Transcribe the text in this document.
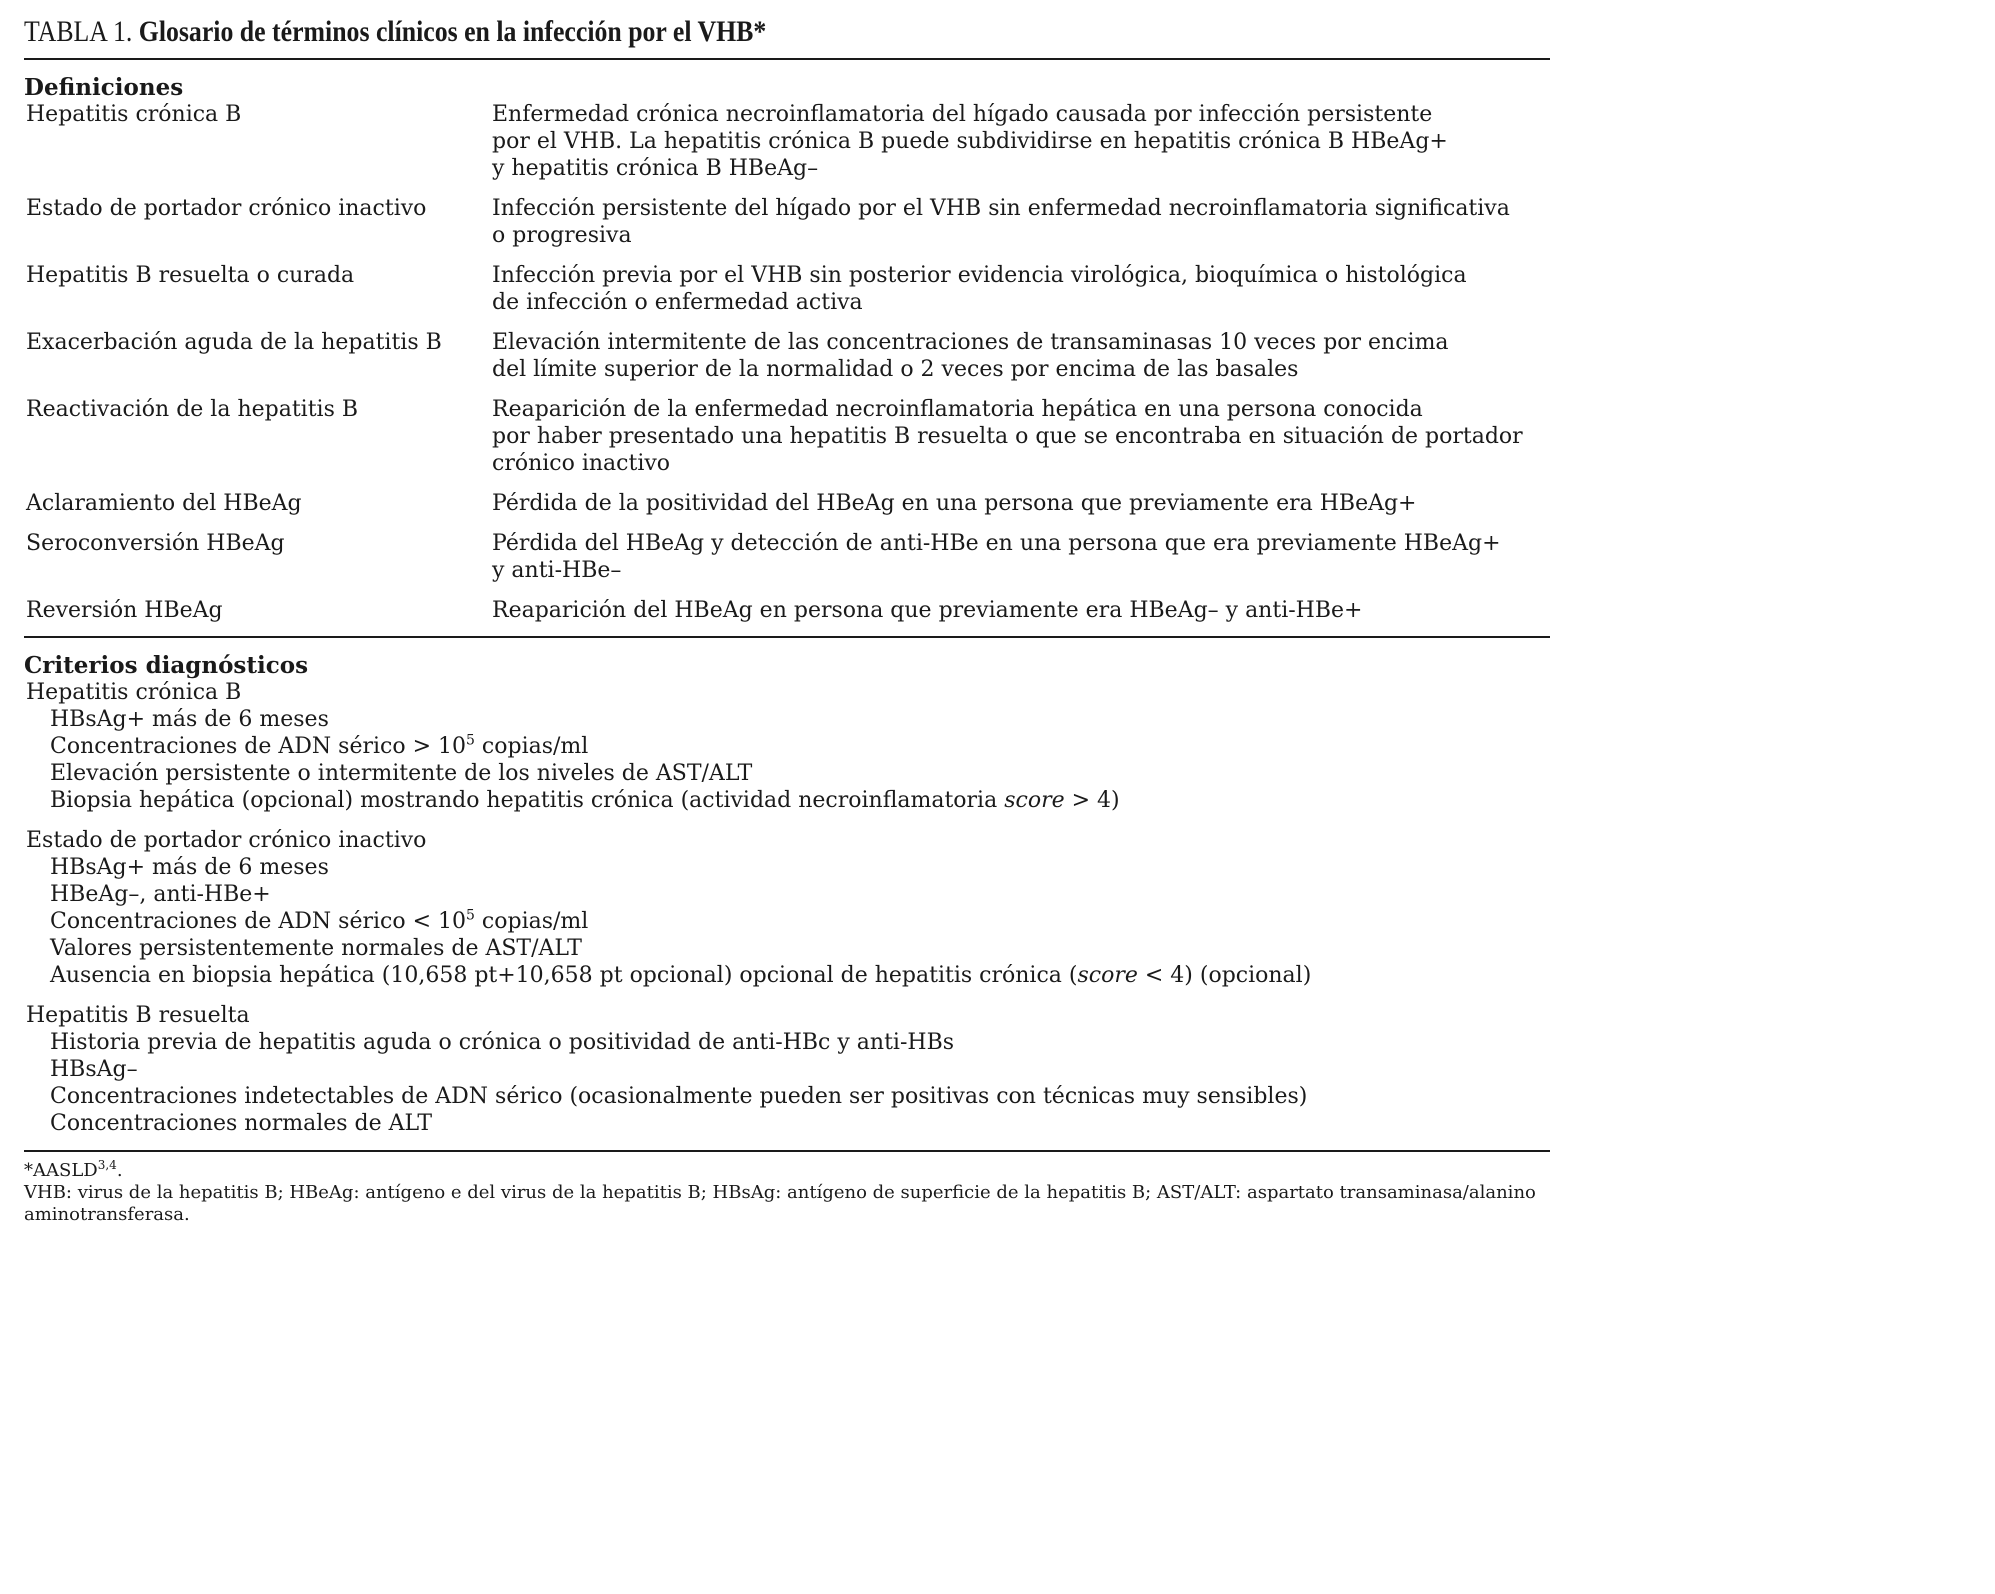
TABLA 1. Glosario de términos clínicos en la infección por el VHB*
Definiciones
Hepatitis crónica B	Enfermedad crónica necroinflamatoria del hígado causada por infección persistente
por el VHB. La hepatitis crónica B puede subdividirse en hepatitis crónica B HBeAg+
y hepatitis crónica B HBeAg–
Estado de portador crónico inactivo	Infección persistente del hígado por el VHB sin enfermedad necroinflamatoria significativa
o progresiva
Hepatitis B resuelta o curada	Infección previa por el VHB sin posterior evidencia virológica, bioquímica o histológica
de infección o enfermedad activa
Exacerbación aguda de la hepatitis B	Elevación intermitente de las concentraciones de transaminasas 10 veces por encima
del límite superior de la normalidad o 2 veces por encima de las basales
Reactivación de la hepatitis B	Reaparición de la enfermedad necroinflamatoria hepática en una persona conocida
por haber presentado una hepatitis B resuelta o que se encontraba en situación de portador
crónico inactivo
Aclaramiento del HBeAg	Pérdida de la positividad del HBeAg en una persona que previamente era HBeAg+
Seroconversión HBeAg	Pérdida del HBeAg y detección de anti-HBe en una persona que era previamente HBeAg+
y anti-HBe–
Reversión HBeAg	Reaparición del HBeAg en persona que previamente era HBeAg– y anti-HBe+
Criterios diagnósticos
Hepatitis crónica B
HBsAg+ más de 6 meses
Concentraciones de ADN sérico > $10^5$ copias/ml
Elevación persistente o intermitente de los niveles de AST/ALT
Biopsia hepática (opcional) mostrando hepatitis crónica (actividad necroinflamatoria score > 4)
Estado de portador crónico inactivo
HBsAg+ más de 6 meses
HBeAg–, anti-HBe+
Concentraciones de ADN sérico < $10^5$ copias/ml
Valores persistentemente normales de AST/ALT
Ausencia en biopsia hepática (10,658 pt+10,658 pt opcional) opcional de hepatitis crónica (score < 4) (opcional)
Hepatitis B resuelta
Historia previa de hepatitis aguda o crónica o positividad de anti-HBc y anti-HBs
HBsAg–
Concentraciones indetectables de ADN sérico (ocasionalmente pueden ser positivas con técnicas muy sensibles)
Concentraciones normales de ALT
*AASLD$^{3,4}$.
VHB: virus de la hepatitis B; HBeAg: antígeno e del virus de la hepatitis B; HBsAg: antígeno de superficie de la hepatitis B; AST/ALT: aspartato transaminasa/alanino aminotransferasa.
